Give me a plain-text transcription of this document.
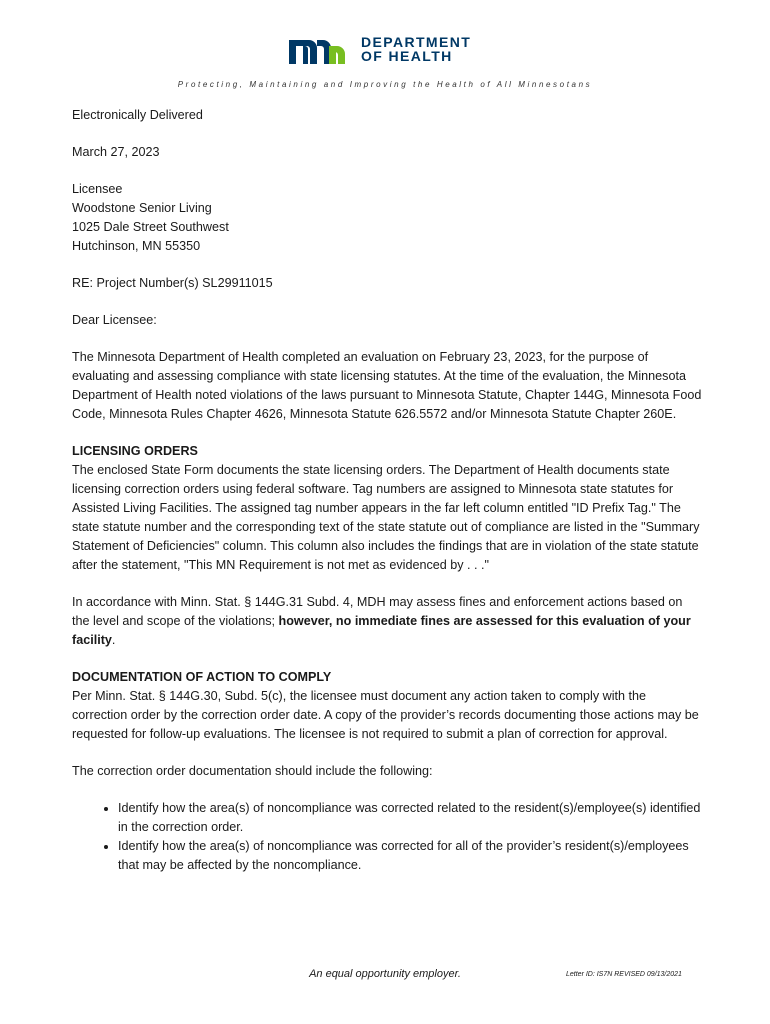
DEPARTMENT
OF HEALTH
Protecting, Maintaining and Improving the Health of All Minnesotans

Electronically Delivered

March 27, 2023

Licensee

Woodstone Senior Living

1025 Dale Street Southwest

Hutchinson, MN 55350

RE: Project Number(s) SL29911015

Dear Licensee:

The Minnesota Department of Health completed an evaluation on February 23, 2023, for the purpose of evaluating and assessing compliance with state licensing statutes. At the time of the evaluation, the Minnesota Department of Health noted violations of the laws pursuant to Minnesota Statute, Chapter 144G, Minnesota Food Code, Minnesota Rules Chapter 4626, Minnesota Statute 626.5572 and/or Minnesota Statute Chapter 260E.

LICENSING ORDERS

The enclosed State Form documents the state licensing orders. The Department of Health documents state licensing correction orders using federal software. Tag numbers are assigned to Minnesota state statutes for Assisted Living Facilities. The assigned tag number appears in the far left column entitled "ID Prefix Tag." The state statute number and the corresponding text of the state statute out of compliance are listed in the "Summary Statement of Deficiencies" column. This column also includes the findings that are in violation of the state statute after the statement, "This MN Requirement is not met as evidenced by . . ."

In accordance with Minn. Stat. § 144G.31 Subd. 4, MDH may assess fines and enforcement actions based on the level and scope of the violations; however, no immediate fines are assessed for this evaluation of your facility.

DOCUMENTATION OF ACTION TO COMPLY

Per Minn. Stat. § 144G.30, Subd. 5(c), the licensee must document any action taken to comply with the correction order by the correction order date. A copy of the provider’s records documenting those actions may be requested for follow-up evaluations. The licensee is not required to submit a plan of correction for approval.

The correction order documentation should include the following:

• Identify how the area(s) of noncompliance was corrected related to the resident(s)/employee(s) identified in the correction order.
• Identify how the area(s) of noncompliance was corrected for all of the provider’s resident(s)/employees that may be affected by the noncompliance.
An equal opportunity employer.	Letter ID: IS7N REVISED 09/13/2021
